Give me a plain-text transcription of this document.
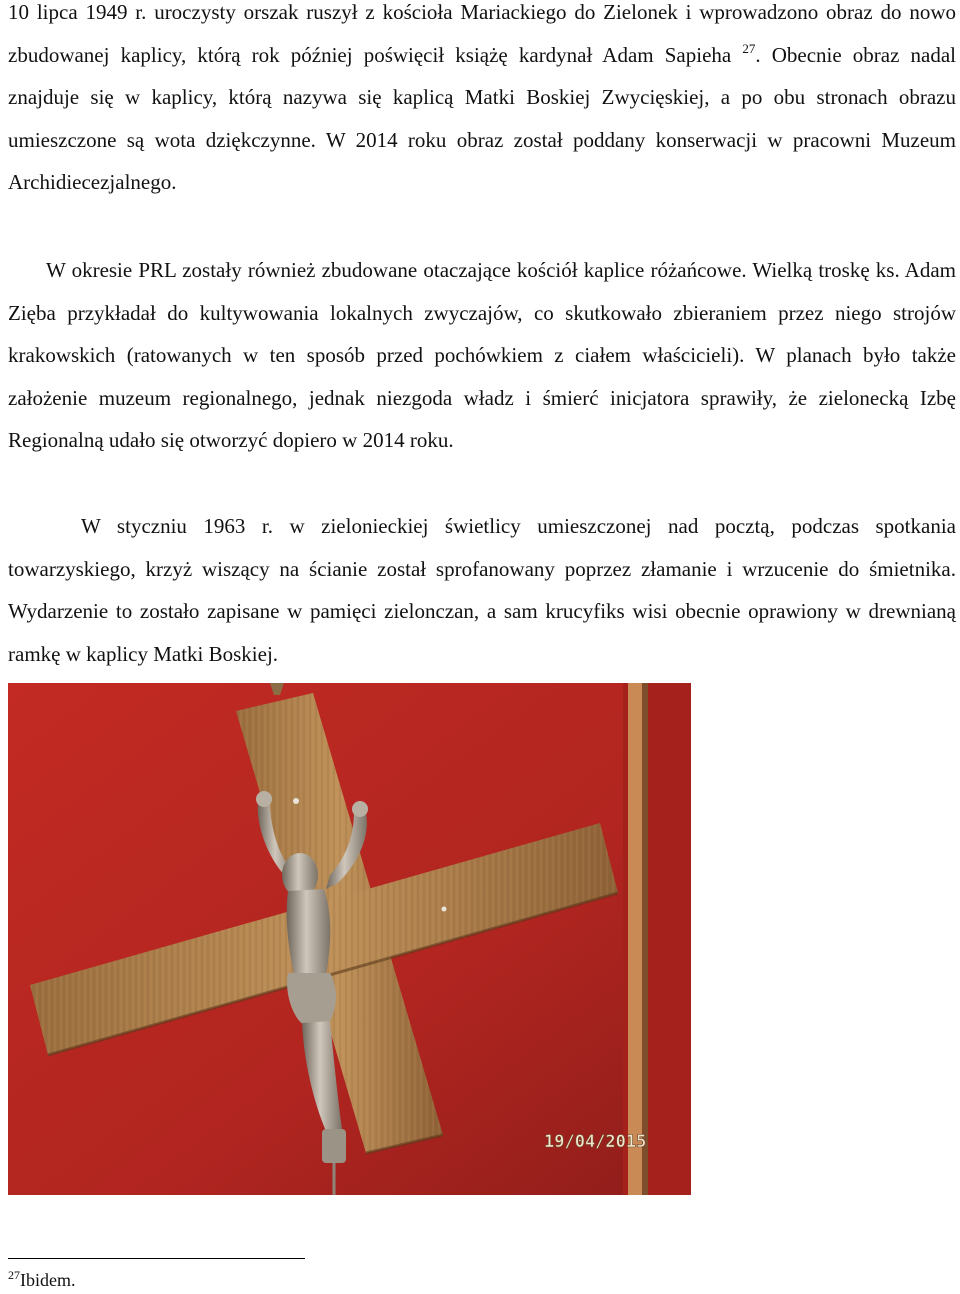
10 lipca 1949 r. uroczysty orszak ruszył z kościoła Mariackiego do Zielonek i wprowadzono obraz do nowo zbudowanej kaplicy, którą rok później poświęcił książę kardynał Adam Sapieha $^{27}$. Obecnie obraz nadal znajduje się w kaplicy, którą nazywa się kaplicą Matki Boskiej Zwycięskiej, a po obu stronach obrazu umieszczone są wota dziękczynne. W 2014 roku obraz został poddany konserwacji w pracowni Muzeum Archidiecezjalnego.

W okresie PRL zostały również zbudowane otaczające kościół kaplice różańcowe. Wielką troskę ks. Adam Zięba przykładał do kultywowania lokalnych zwyczajów, co skutkowało zbieraniem przez niego strojów krakowskich (ratowanych w ten sposób przed pochówkiem z ciałem właścicieli). W planach było także założenie muzeum regionalnego, jednak niezgoda władz i śmierć inicjatora sprawiły, że zielonecką Izbę Regionalną udało się otworzyć dopiero w 2014 roku.

W styczniu 1963 r. w zielonieckiej świetlicy umieszczonej nad pocztą, podczas spotkania towarzyskiego, krzyż wiszący na ścianie został sprofanowany poprzez złamanie i wrzucenie do śmietnika. Wydarzenie to zostało zapisane w pamięci zielonczan, a sam krucyfiks wisi obecnie oprawiony w drewnianą ramkę w kaplicy Matki Boskiej.

19/04/2015

$^{27}$Ibidem.
